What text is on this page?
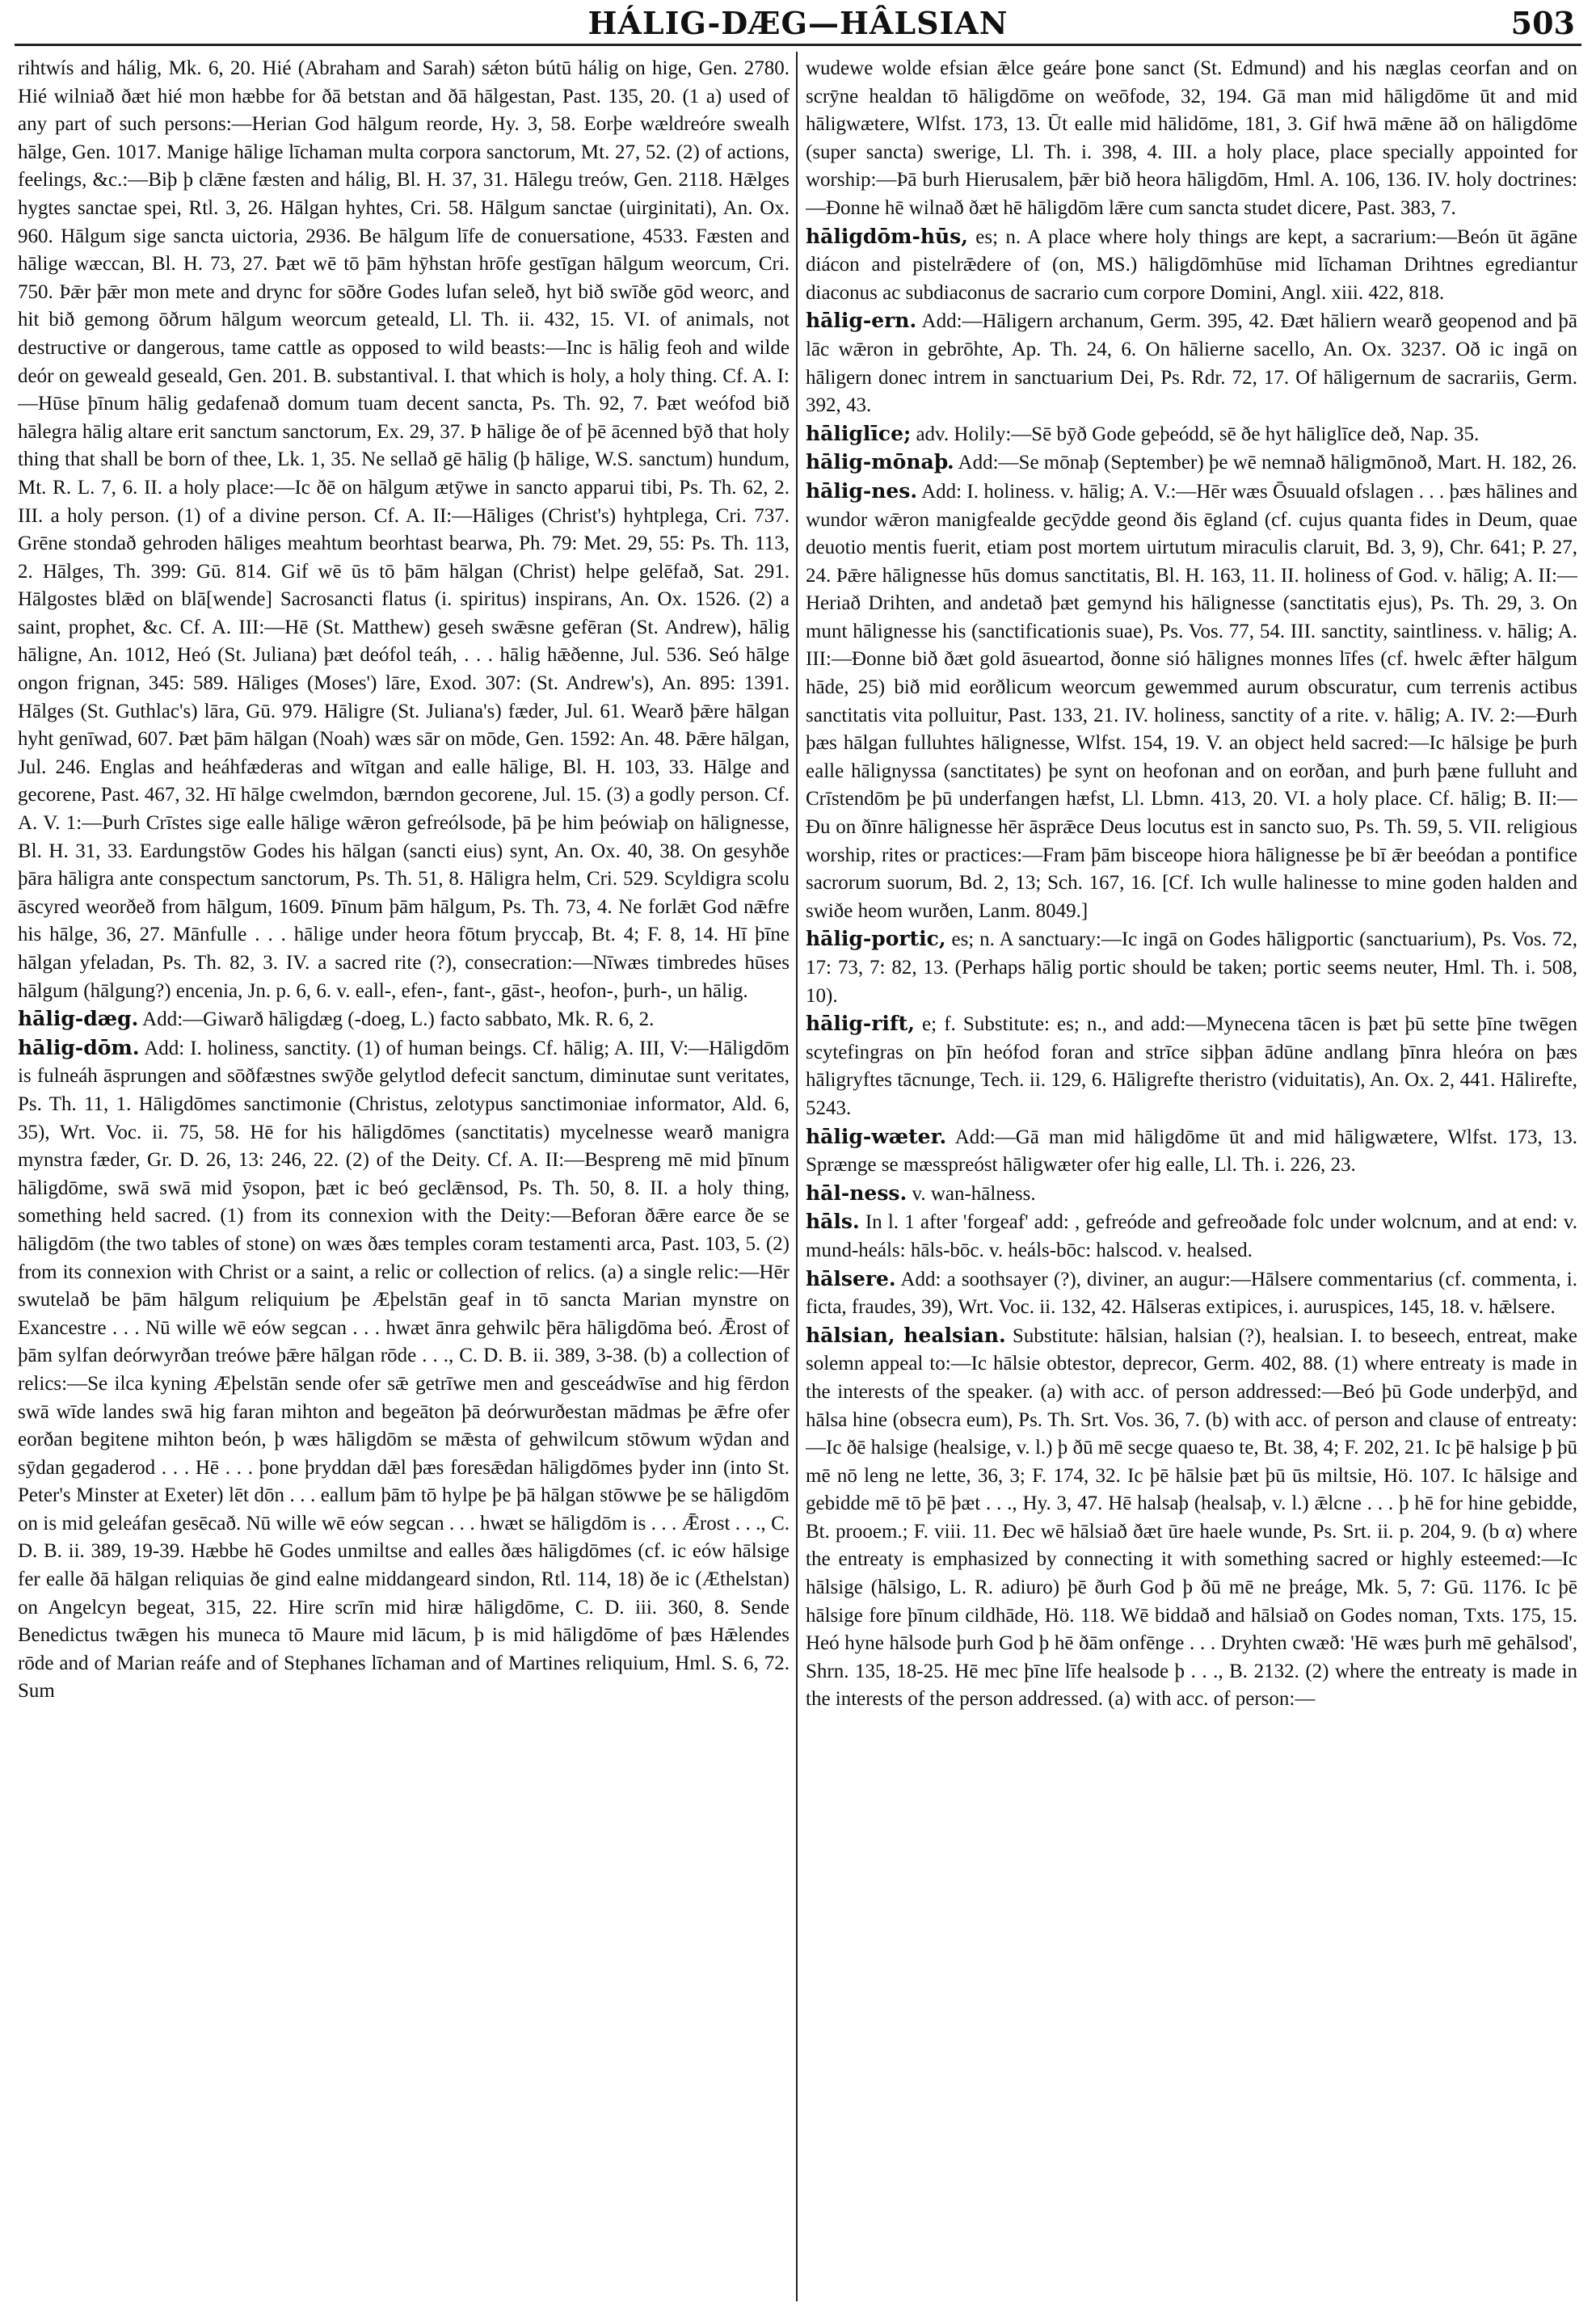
HÁLIG-DÆG—HÂLSIAN	503

rihtwís and hálig, Mk. 6, 20. Hié (Abraham and Sarah) sǽton bútū hálig on hige, Gen. 2780. Hié wilniað ðæt hié mon hæbbe for ðā betstan and ðā hālgestan, Past. 135, 20. (1 a) used of any part of such persons:—Herian God hālgum reorde, Hy. 3, 58. Eorþe wældreóre swealh hālge, Gen. 1017. Manige hālige līchaman multa corpora sanctorum, Mt. 27, 52. (2) of actions, feelings, &c.:—Biþ þ clǣne fæsten and hálig, Bl. H. 37, 31. Hālegu treów, Gen. 2118. Hǣlges hygtes sanctae spei, Rtl. 3, 26. Hālgan hyhtes, Cri. 58. Hālgum sanctae (uirginitati), An. Ox. 960. Hālgum sige sancta uictoria, 2936. Be hālgum līfe de conuersatione, 4533. Fæsten and hālige wæccan, Bl. H. 73, 27. Þæt wē tō þām hȳhstan hrōfe gestīgan hālgum weorcum, Cri. 750. Þǣr þǣr mon mete and drync for sōðre Godes lufan seleð, hyt bið swīðe gōd weorc, and hit bið gemong ōðrum hālgum weorcum geteald, Ll. Th. ii. 432, 15. VI. of animals, not destructive or dangerous, tame cattle as opposed to wild beasts:—Inc is hālig feoh and wilde deór on geweald geseald, Gen. 201. B. substantival. I. that which is holy, a holy thing. Cf. A. I:—Hūse þīnum hālig gedafenað domum tuam decent sancta, Ps. Th. 92, 7. Þæt weófod bið hālegra hālig altare erit sanctum sanctorum, Ex. 29, 37. Þ hālige ðe of þē ācenned bȳð that holy thing that shall be born of thee, Lk. 1, 35. Ne sellað gē hālig (þ hālige, W.S. sanctum) hundum, Mt. R. L. 7, 6. II. a holy place:—Ic ðē on hālgum ætȳwe in sancto apparui tibi, Ps. Th. 62, 2. III. a holy person. (1) of a divine person. Cf. A. II:—Hāliges (Christ's) hyhtplega, Cri. 737. Grēne stondað gehroden hāliges meahtum beorhtast bearwa, Ph. 79: Met. 29, 55: Ps. Th. 113, 2. Hālges, Th. 399: Gū. 814. Gif wē ūs tō þām hālgan (Christ) helpe gelēfað, Sat. 291. Hālgostes blǣd on blā[wende] Sacrosancti flatus (i. spiritus) inspirans, An. Ox. 1526. (2) a saint, prophet, &c. Cf. A. III:—Hē (St. Matthew) geseh swǣsne gefēran (St. Andrew), hālig hāligne, An. 1012, Heó (St. Juliana) þæt deófol teáh, . . . hālig hǣðenne, Jul. 536. Seó hālge ongon frignan, 345: 589. Hāliges (Moses') lāre, Exod. 307: (St. Andrew's), An. 895: 1391. Hālges (St. Guthlac's) lāra, Gū. 979. Hāligre (St. Juliana's) fæder, Jul. 61. Wearð þǣre hālgan hyht genīwad, 607. Þæt þām hālgan (Noah) wæs sār on mōde, Gen. 1592: An. 48. Þǣre hālgan, Jul. 246. Englas and heáhfæderas and wītgan and ealle hālige, Bl. H. 103, 33. Hālge and gecorene, Past. 467, 32. Hī hālge cwelmdon, bærndon gecorene, Jul. 15. (3) a godly person. Cf. A. V. 1:—Þurh Crīstes sige ealle hālige wǣron gefreólsode, þā þe him þeówiaþ on hālignesse, Bl. H. 31, 33. Eardungstōw Godes his hālgan (sancti eius) synt, An. Ox. 40, 38. On gesyhðe þāra hāligra ante conspectum sanctorum, Ps. Th. 51, 8. Hāligra helm, Cri. 529. Scyldigra scolu āscyred weorðeð from hālgum, 1609. Þīnum þām hālgum, Ps. Th. 73, 4. Ne forlǣt God nǣfre his hālge, 36, 27. Mānfulle . . . hālige under heora fōtum þryccaþ, Bt. 4; F. 8, 14. Hī þīne hālgan yfeladan, Ps. Th. 82, 3. IV. a sacred rite (?), consecration:—Nīwæs timbredes hūses hālgum (hālgung?) encenia, Jn. p. 6, 6. v. eall-, efen-, fant-, gāst-, heofon-, þurh-, un hālig.

hālig-dæg. Add:—Giwarð hāligdæg (-doeg, L.) facto sabbato, Mk. R. 6, 2.

hālig-dōm. Add: I. holiness, sanctity. (1) of human beings. Cf. hālig; A. III, V:—Hāligdōm is fulneáh āsprungen and sōðfæstnes swȳðe gelytlod defecit sanctum, diminutae sunt veritates, Ps. Th. 11, 1. Hāligdōmes sanctimonie (Christus, zelotypus sanctimoniae informator, Ald. 6, 35), Wrt. Voc. ii. 75, 58. Hē for his hāligdōmes (sanctitatis) mycelnesse wearð manigra mynstra fæder, Gr. D. 26, 13: 246, 22. (2) of the Deity. Cf. A. II:—Bespreng mē mid þīnum hāligdōme, swā swā mid ȳsopon, þæt ic beó geclǣnsod, Ps. Th. 50, 8. II. a holy thing, something held sacred. (1) from its connexion with the Deity:—Beforan ðǣre earce ðe se hāligdōm (the two tables of stone) on wæs ðæs temples coram testamenti arca, Past. 103, 5. (2) from its connexion with Christ or a saint, a relic or collection of relics. (a) a single relic:—Hēr swutelað be þām hālgum reliquium þe Æþelstān geaf in tō sancta Marian mynstre on Exancestre . . . Nū wille wē eów segcan . . . hwæt ānra gehwilc þēra hāligdōma beó. Ǣrost of þām sylfan deórwyrðan treówe þǣre hālgan rōde . . ., C. D. B. ii. 389, 3-38. (b) a collection of relics:—Se ilca kyning Æþelstān sende ofer sǣ getrīwe men and gesceádwīse and hig fērdon swā wīde landes swā hig faran mihton and begeāton þā deórwurðestan mādmas þe ǣfre ofer eorðan begitene mihton beón, þ wæs hāligdōm se mǣsta of gehwilcum stōwum wȳdan and sȳdan gegaderod . . . Hē . . . þone þryddan dǣl þæs foresǣdan hāligdōmes þyder inn (into St. Peter's Minster at Exeter) lēt dōn . . . eallum þām tō hylpe þe þā hālgan stōwwe þe se hāligdōm on is mid geleáfan gesēcað. Nū wille wē eów segcan . . . hwæt se hāligdōm is . . . Ǣrost . . ., C. D. B. ii. 389, 19-39. Hæbbe hē Godes unmiltse and ealles ðæs hāligdōmes (cf. ic eów hālsige fer ealle ðā hālgan reliquias ðe gind ealne middangeard sindon, Rtl. 114, 18) ðe ic (Æthelstan) on Angelcyn begeat, 315, 22. Hire scrīn mid hiræ hāligdōme, C. D. iii. 360, 8. Sende Benedictus twǣgen his muneca tō Maure mid lācum, þ is mid hāligdōme of þæs Hǣlendes rōde and of Marian reáfe and of Stephanes līchaman and of Martines reliquium, Hml. S. 6, 72. Sum

wudewe wolde efsian ǣlce geáre þone sanct (St. Edmund) and his næglas ceorfan and on scrȳne healdan tō hāligdōme on weōfode, 32, 194. Gā man mid hāligdōme ūt and mid hāligwætere, Wlfst. 173, 13. Ūt ealle mid hālidōme, 181, 3. Gif hwā mǣne āð on hāligdōme (super sancta) swerige, Ll. Th. i. 398, 4. III. a holy place, place specially appointed for worship:—Þā burh Hierusalem, þǣr bið heora hāligdōm, Hml. A. 106, 136. IV. holy doctrines:—Ðonne hē wilnað ðæt hē hāligdōm lǣre cum sancta studet dicere, Past. 383, 7.

hāligdōm-hūs, es; n. A place where holy things are kept, a sacrarium:—Beón ūt āgāne diácon and pistelrǣdere of (on, MS.) hāligdōmhūse mid līchaman Drihtnes egrediantur diaconus ac subdiaconus de sacrario cum corpore Domini, Angl. xiii. 422, 818.

hālig-ern. Add:—Hāligern archanum, Germ. 395, 42. Ðæt hāliern wearð geopenod and þā lāc wǣron in gebrōhte, Ap. Th. 24, 6. On hālierne sacello, An. Ox. 3237. Oð ic ingā on hāligern donec intrem in sanctuarium Dei, Ps. Rdr. 72, 17. Of hāligernum de sacrariis, Germ. 392, 43.

hāliglīce; adv. Holily:—Sē bȳð Gode geþeódd, sē ðe hyt hāliglīce deð, Nap. 35.

hālig-mōnaþ. Add:—Se mōnaþ (September) þe wē nemnað hāligmōnoð, Mart. H. 182, 26.

hālig-nes. Add: I. holiness. v. hālig; A. V.:—Hēr wæs Ōsuuald ofslagen . . . þæs hālines and wundor wǣron manigfealde gecȳdde geond ðis ēgland (cf. cujus quanta fides in Deum, quae deuotio mentis fuerit, etiam post mortem uirtutum miraculis claruit, Bd. 3, 9), Chr. 641; P. 27, 24. Þǣre hālignesse hūs domus sanctitatis, Bl. H. 163, 11. II. holiness of God. v. hālig; A. II:—Heriað Drihten, and andetað þæt gemynd his hālignesse (sanctitatis ejus), Ps. Th. 29, 3. On munt hālignesse his (sanctificationis suae), Ps. Vos. 77, 54. III. sanctity, saintliness. v. hālig; A. III:—Ðonne bið ðæt gold āsueartod, ðonne sió hālignes monnes līfes (cf. hwelc ǣfter hālgum hāde, 25) bið mid eorðlicum weorcum gewemmed aurum obscuratur, cum terrenis actibus sanctitatis vita polluitur, Past. 133, 21. IV. holiness, sanctity of a rite. v. hālig; A. IV. 2:—Ðurh þæs hālgan fulluhtes hālignesse, Wlfst. 154, 19. V. an object held sacred:—Ic hālsige þe þurh ealle hālignyssa (sanctitates) þe synt on heofonan and on eorðan, and þurh þæne fulluht and Crīstendōm þe þū underfangen hæfst, Ll. Lbmn. 413, 20. VI. a holy place. Cf. hālig; B. II:—Ðu on ðīnre hālignesse hēr āsprǣce Deus locutus est in sancto suo, Ps. Th. 59, 5. VII. religious worship, rites or practices:—Fram þām bisceope hiora hālignesse þe bī ǣr beeódan a pontifice sacrorum suorum, Bd. 2, 13; Sch. 167, 16. [Cf. Ich wulle halinesse to mine goden halden and swiðe heom wurðen, Lanm. 8049.]

hālig-portic, es; n. A sanctuary:—Ic ingā on Godes hāligportic (sanctuarium), Ps. Vos. 72, 17: 73, 7: 82, 13. (Perhaps hālig portic should be taken; portic seems neuter, Hml. Th. i. 508, 10).

hālig-rift, e; f. Substitute: es; n., and add:—Mynecena tācen is þæt þū sette þīne twēgen scytefingras on þīn heófod foran and strīce siþþan ādūne andlang þīnra hleóra on þæs hāligryftes tācnunge, Tech. ii. 129, 6. Hāligrefte theristro (viduitatis), An. Ox. 2, 441. Hālirefte, 5243.

hālig-wæter. Add:—Gā man mid hāligdōme ūt and mid hāligwætere, Wlfst. 173, 13. Sprænge se mæsspreóst hāligwæter ofer hig ealle, Ll. Th. i. 226, 23.

hāl-ness. v. wan-hālness.

hāls. In l. 1 after 'forgeaf' add: , gefreóde and gefreoðade folc under wolcnum, and at end: v. mund-heáls: hāls-bōc. v. heáls-bōc: halscod. v. healsed.

hālsere. Add: a soothsayer (?), diviner, an augur:—Hālsere commentarius (cf. commenta, i. ficta, fraudes, 39), Wrt. Voc. ii. 132, 42. Hālseras extipices, i. auruspices, 145, 18. v. hǣlsere.

hālsian, healsian. Substitute: hālsian, halsian (?), healsian. I. to beseech, entreat, make solemn appeal to:—Ic hālsie obtestor, deprecor, Germ. 402, 88. (1) where entreaty is made in the interests of the speaker. (a) with acc. of person addressed:—Beó þū Gode underþȳd, and hālsa hine (obsecra eum), Ps. Th. Srt. Vos. 36, 7. (b) with acc. of person and clause of entreaty:—Ic ðē halsige (healsige, v. l.) þ ðū mē secge quaeso te, Bt. 38, 4; F. 202, 21. Ic þē halsige þ þū mē nō leng ne lette, 36, 3; F. 174, 32. Ic þē hālsie þæt þū ūs miltsie, Hö. 107. Ic hālsige and gebidde mē tō þē þæt . . ., Hy. 3, 47. Hē halsaþ (healsaþ, v. l.) ǣlcne . . . þ hē for hine gebidde, Bt. prooem.; F. viii. 11. Ðec wē hālsiað ðæt ūre haele wunde, Ps. Srt. ii. p. 204, 9. (b α) where the entreaty is emphasized by connecting it with something sacred or highly esteemed:—Ic hālsige (hālsigo, L. R. adiuro) þē ðurh God þ ðū mē ne þreáge, Mk. 5, 7: Gū. 1176. Ic þē hālsige fore þīnum cildhāde, Hö. 118. Wē biddað and hālsiað on Godes noman, Txts. 175, 15. Heó hyne hālsode þurh God þ hē ðām onfēnge . . . Dryhten cwæð: 'Hē wæs þurh mē gehālsod', Shrn. 135, 18-25. Hē mec þīne līfe healsode þ . . ., B. 2132. (2) where the entreaty is made in the interests of the person addressed. (a) with acc. of person:—
